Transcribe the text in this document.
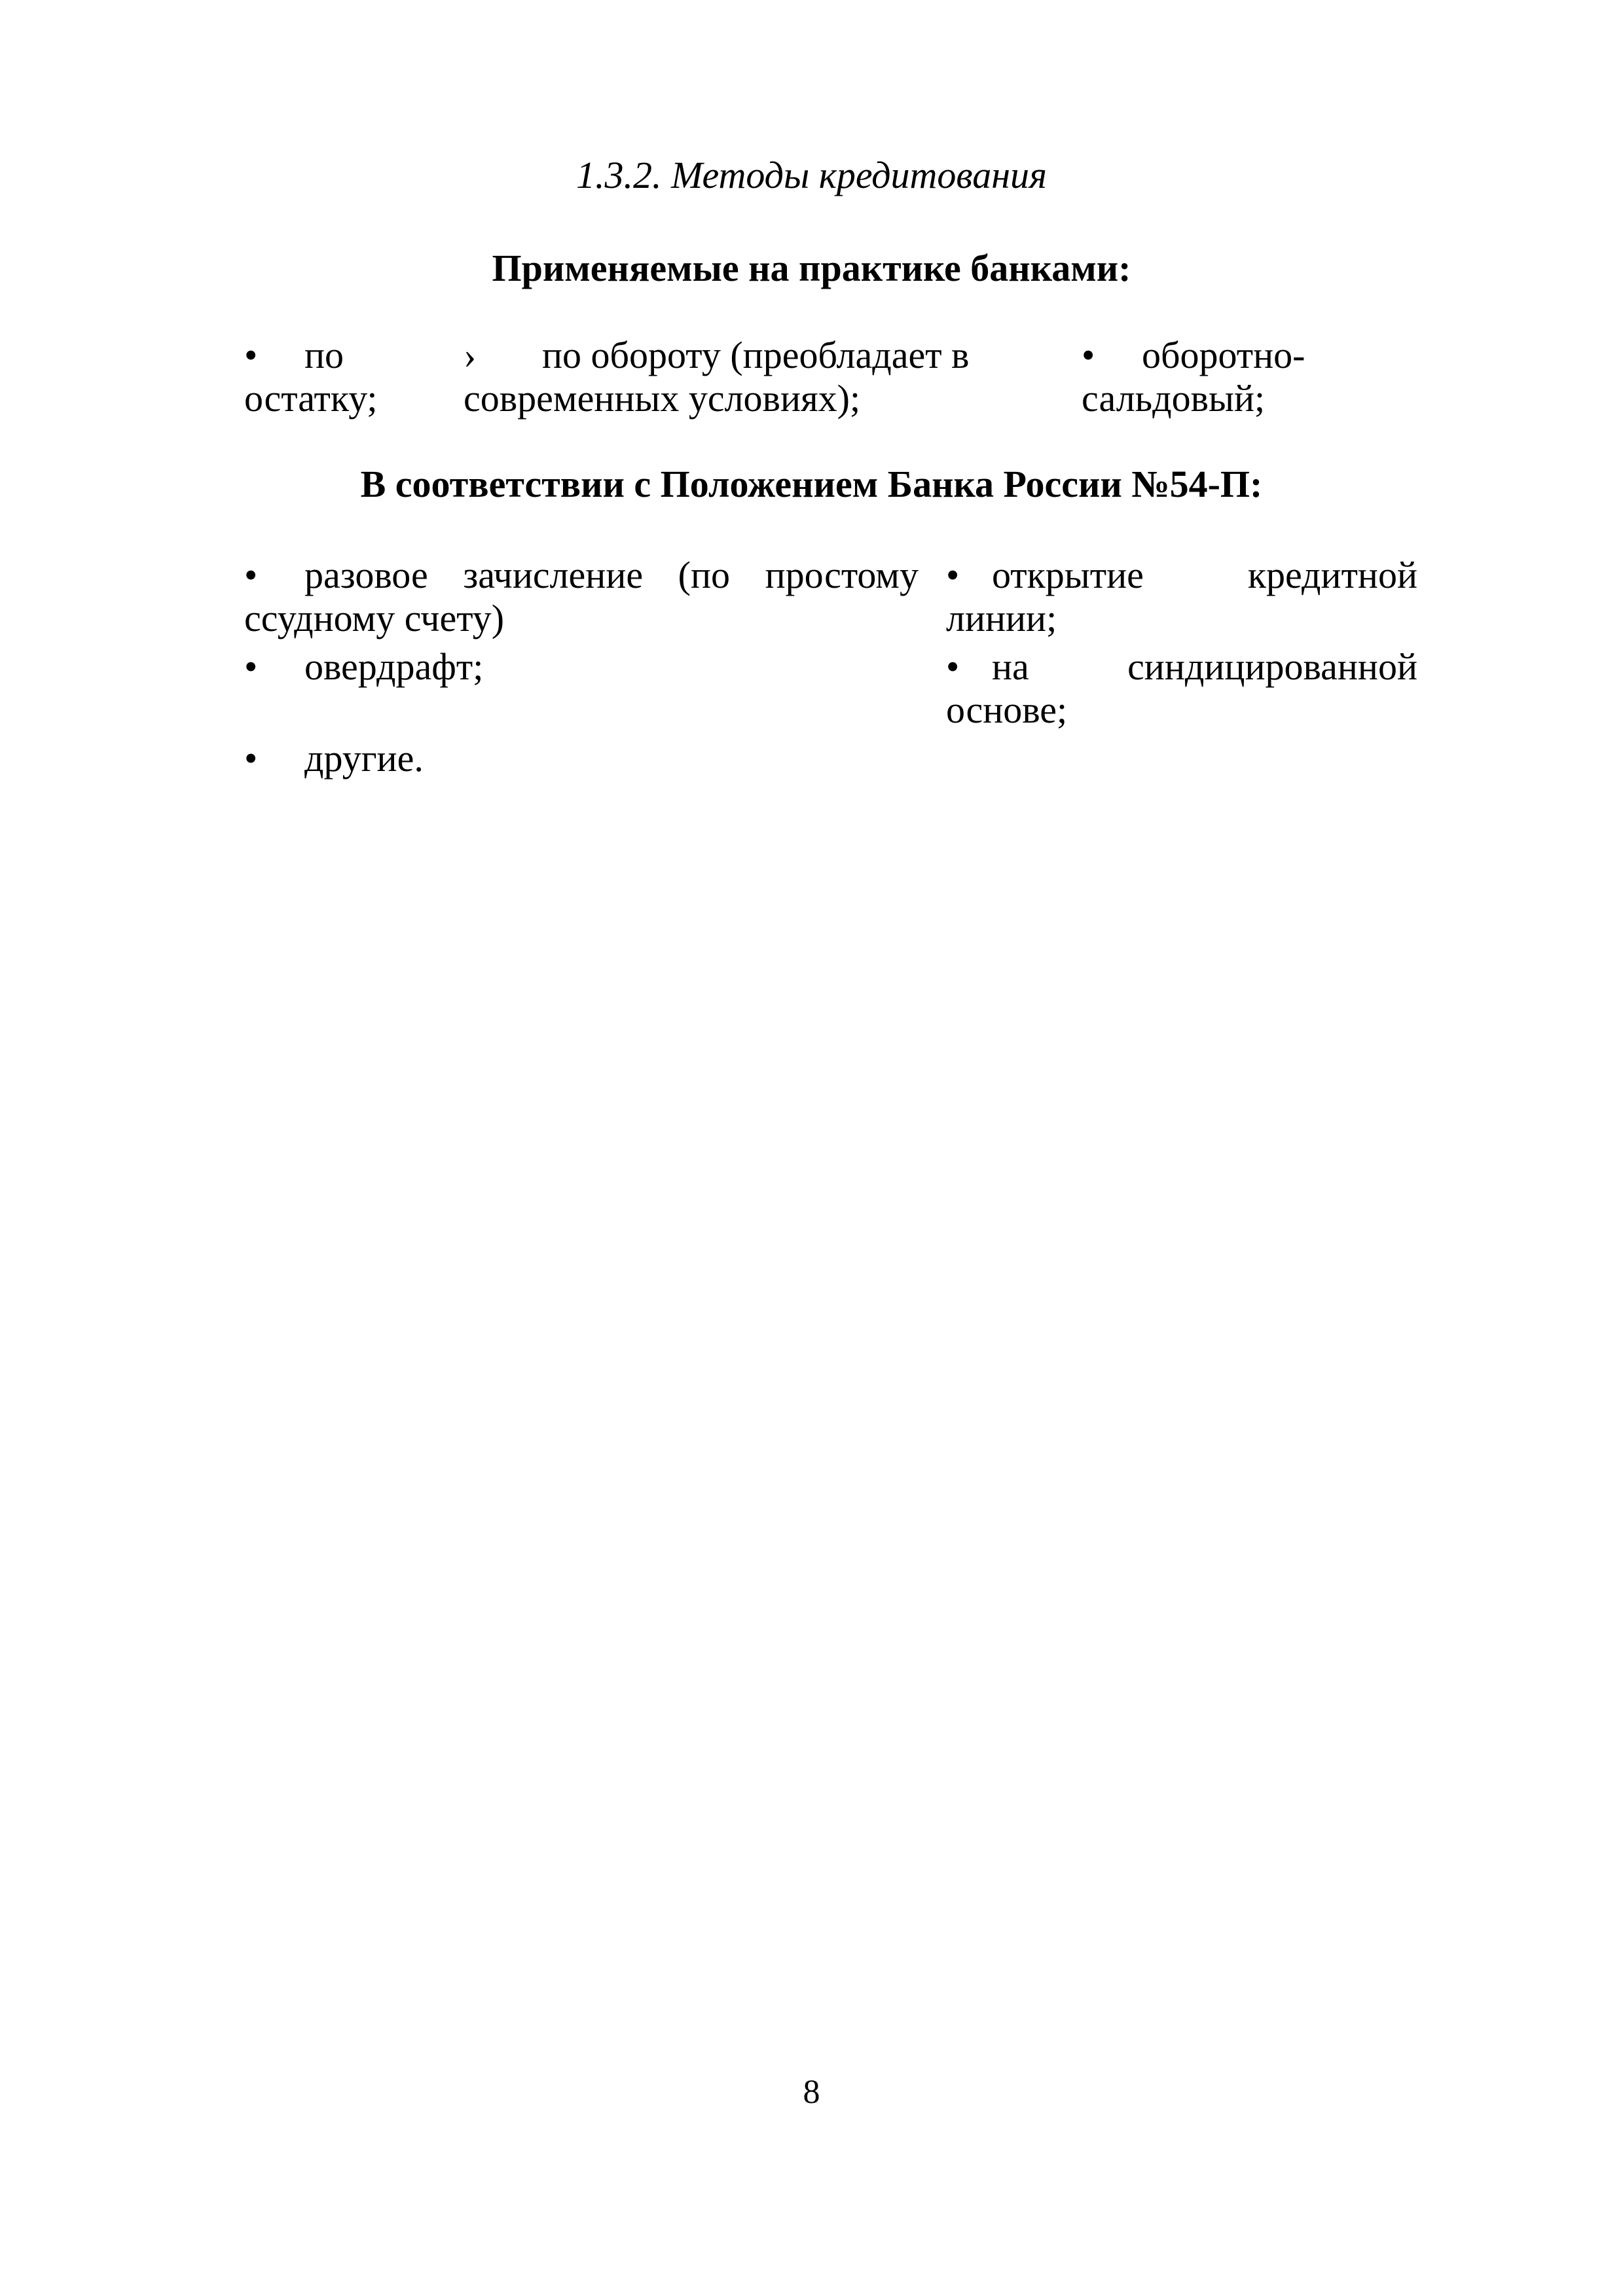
1.3.2. Методы кредитования
Применяемые на практике банками:
• по остатку;
› по обороту (преобладает в современных условиях);
• оборотно-сальдовый;
В соответствии с Положением Банка России №54-П:
• разовое зачисление (по простому ссудному счету)
• открытие кредитной линии;
• овердрафт;	• на синдицированной основе;
• другие.
8
